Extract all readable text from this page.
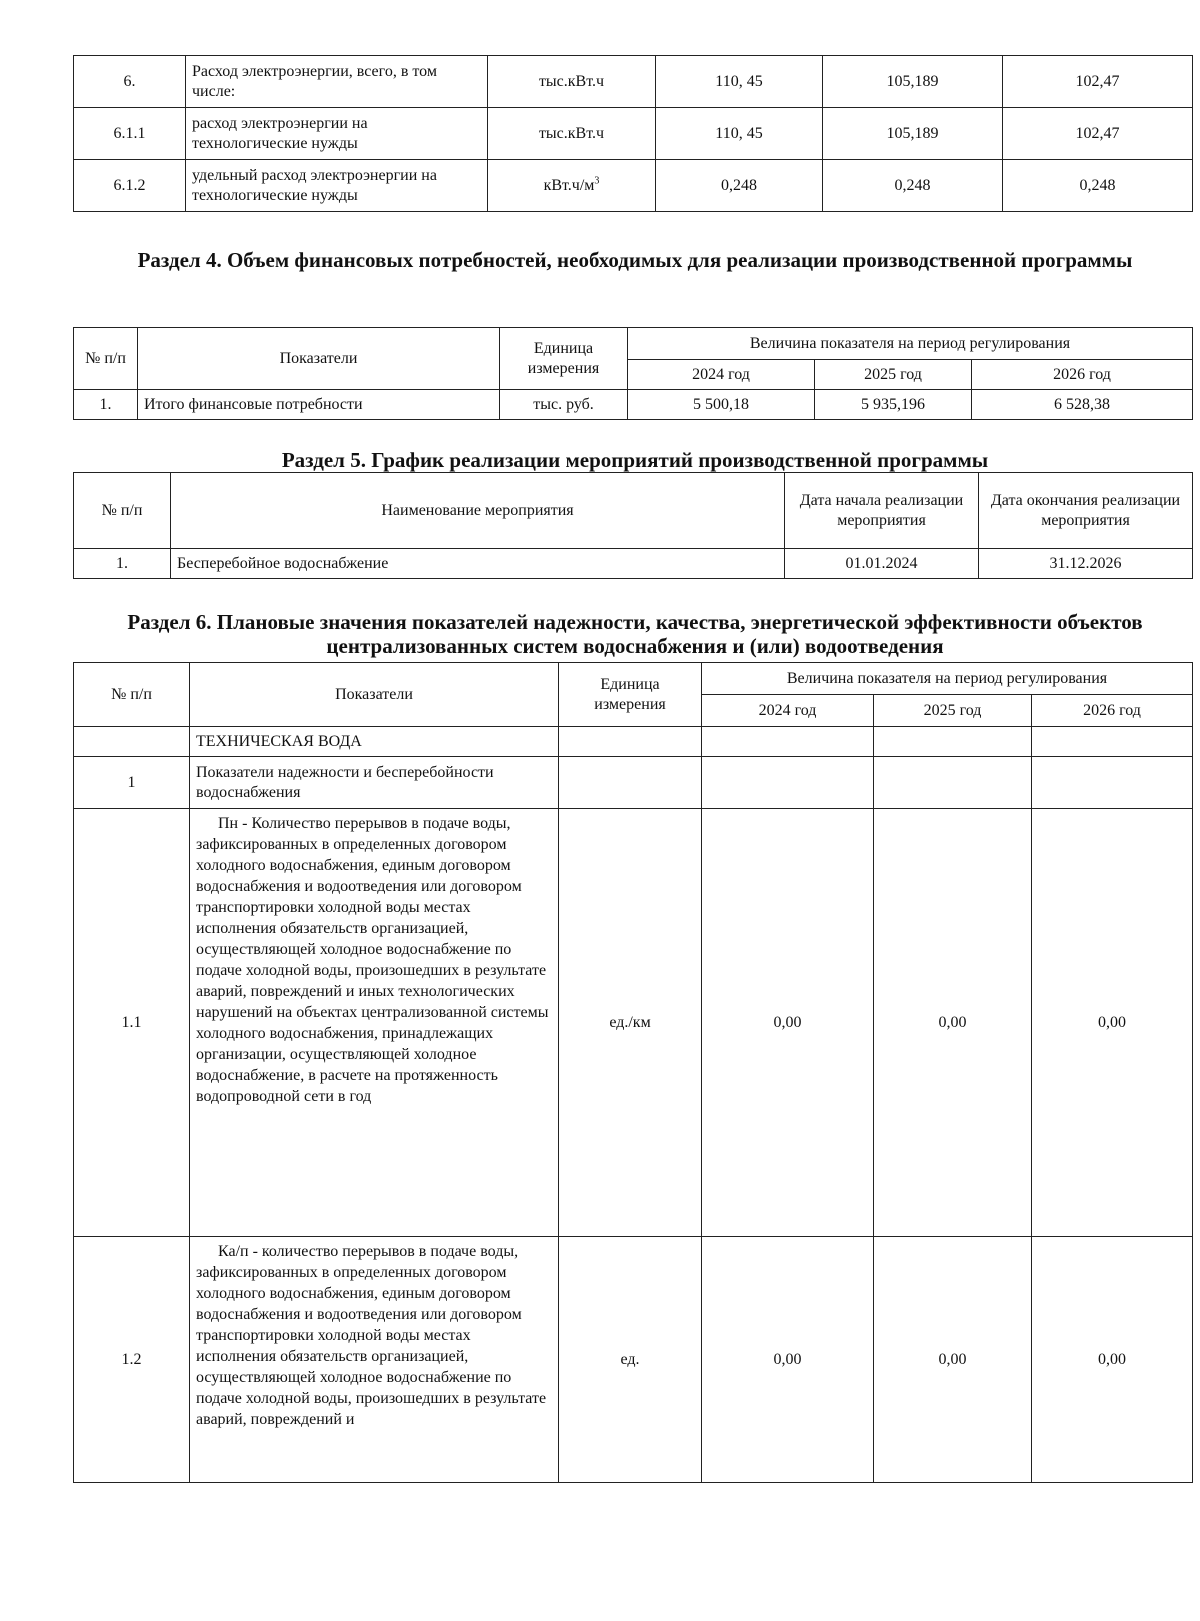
6.	Расход электроэнергии, всего, в том числе:	тыс.кВт.ч	110, 45	105,189	102,47
6.1.1	расход электроэнергии на технологические нужды	тыс.кВт.ч	110, 45	105,189	102,47
6.1.2	удельный расход электроэнергии на технологические нужды	$кВт.ч/м^3$	0,248	0,248	0,248
Раздел 4. Объем финансовых потребностей, необходимых для реализации производственной программы
№ п/п	Показатели	Единица измерения	Величина показателя на период регулирования		
			2024 год	2025 год	2026 год
1.	Итого финансовые потребности	тыс. руб.	5 500,18	5 935,196	6 528,38
Раздел 5. График реализации мероприятий производственной программы
№ п/п	Наименование мероприятия	Дата начала реализации мероприятия	Дата окончания реализации мероприятия
1.	Бесперебойное водоснабжение	01.01.2024	31.12.2026
Раздел 6. Плановые значения показателей надежности, качества, энергетической эффективности объектов централизованных систем водоснабжения и (или) водоотведения
№ п/п	Показатели	Единица измерения	Величина показателя на период регулирования		
			2024 год	2025 год	2026 год
	ТЕХНИЧЕСКАЯ ВОДА				
1	Показатели надежности и бесперебойности водоснабжения				
1.1	Пн - Количество перерывов в подаче воды, зафиксированных в определенных договором холодного водоснабжения, единым договором водоснабжения и водоотведения или договором транспортировки холодной воды местах исполнения обязательств организацией, осуществляющей холодное водоснабжение по подаче холодной воды, произошедших в результате аварий, повреждений и иных технологических нарушений на объектах централизованной системы холодного водоснабжения, принадлежащих организации, осуществляющей холодное водоснабжение, в расчете на протяженность водопроводной сети в год	ед./км	0,00	0,00	0,00
1.2	Ка/п - количество перерывов в подаче воды, зафиксированных в определенных договором холодного водоснабжения, единым договором водоснабжения и водоотведения или договором транспортировки холодной воды местах исполнения обязательств организацией, осуществляющей холодное водоснабжение по подаче холодной воды, произошедших в результате аварий, повреждений и	ед.	0,00	0,00	0,00
